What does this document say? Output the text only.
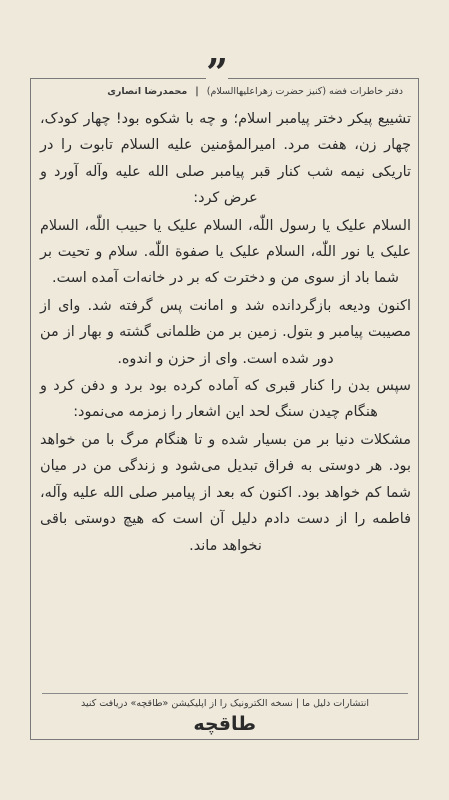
”
دفتر خاطرات فضه (کنیز حضرت زهراعلیهاالسلام) | محمدرضا انصاری

تشییع پیکر دختر پیامبر اسلام؛ و چه با شکوه بود! چهار کودک، چهار زن، هفت مرد. امیرالمؤمنین علیه السلام تابوت را در تاریکی نیمه شب کنار قبر پیامبر صلی الله علیه وآله آورد و عرض کرد:

السلام علیک یا رسول اللّٰه، السلام علیک یا حبیب اللّٰه، السلام علیک یا نور اللّٰه، السلام علیک یا صفوة اللّٰه. سلام و تحیت بر شما باد از سوی من و دخترت که بر در خانه‌ات آمده است.

اکنون ودیعه بازگردانده شد و امانت پس گرفته شد. وای از مصیبت پیامبر و بتول. زمین بر من ظلمانی گشته و بهار از من دور شده است. وای از حزن و اندوه.

سپس بدن را کنار قبری که آماده کرده بود برد و دفن کرد و هنگام چیدن سنگ لحد این اشعار را زمزمه می‌نمود:

مشکلات دنیا بر من بسیار شده و تا هنگام مرگ با من خواهد بود. هر دوستی به فراق تبدیل می‌شود و زندگی من در میان شما کم خواهد بود. اکنون که بعد از پیامبر صلی الله علیه وآله، فاطمه را از دست دادم دلیل آن است که هیچ دوستی باقی نخواهد ماند.

انتشارات دلیل ما | نسخه الکترونیک را از اپلیکیشن «طاقچه» دریافت کنید
طاقچه
